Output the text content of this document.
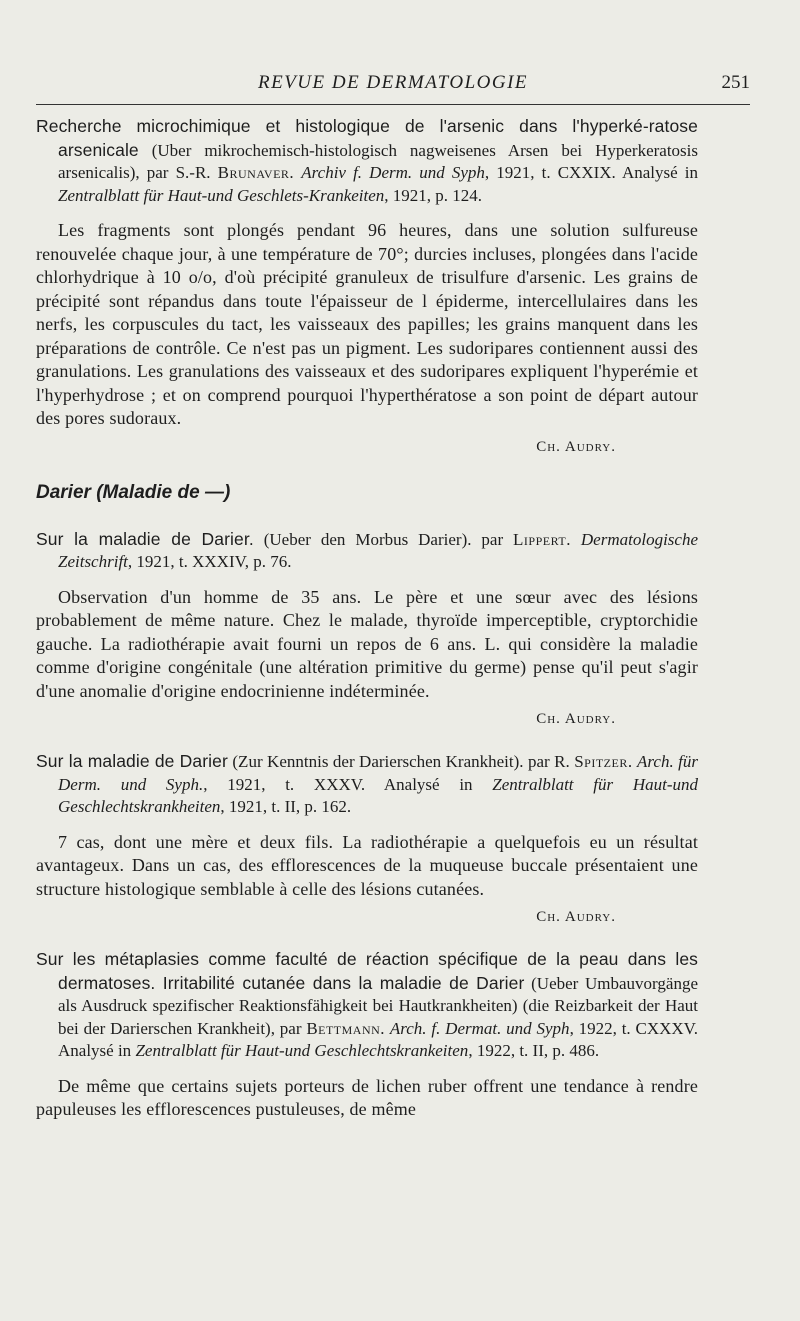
REVUE DE DERMATOLOGIE	251

Recherche microchimique et histologique de l'arsenic dans l'hyperké-ratose arsenicale (Uber mikrochemisch-histologisch nagweisenes Arsen bei Hyperkeratosis arsenicalis), par S.-R. Brunaver. Archiv f. Derm. und Syph, 1921, t. CXXIX. Analysé in Zentralblatt für Haut-und Geschlets-Krankeiten, 1921, p. 124.

Les fragments sont plongés pendant 96 heures, dans une solution sulfureuse renouvelée chaque jour, à une température de 70°; durcies incluses, plongées dans l'acide chlorhydrique à 10 o/o, d'où précipité granuleux de trisulfure d'arsenic. Les grains de précipité sont répandus dans toute l'épaisseur de l épiderme, intercellulaires dans les nerfs, les corpuscules du tact, les vaisseaux des papilles; les grains manquent dans les préparations de contrôle. Ce n'est pas un pigment. Les sudoripares contiennent aussi des granulations. Les granulations des vaisseaux et des sudoripares expliquent l'hyperémie et l'hyperhydrose ; et on comprend pourquoi l'hyperthératose a son point de départ autour des pores sudoraux.

Ch. Audry.
Darier (Maladie de —)

Sur la maladie de Darier. (Ueber den Morbus Darier). par Lippert. Dermatologische Zeitschrift, 1921, t. XXXIV, p. 76.

Observation d'un homme de 35 ans. Le père et une sœur avec des lésions probablement de même nature. Chez le malade, thyroïde imperceptible, cryptorchidie gauche. La radiothérapie avait fourni un repos de 6 ans. L. qui considère la maladie comme d'origine congénitale (une altération primitive du germe) pense qu'il peut s'agir d'une anomalie d'origine endocrinienne indéterminée.

Ch. Audry.

Sur la maladie de Darier (Zur Kenntnis der Darierschen Krankheit). par R. Spitzer. Arch. für Derm. und Syph., 1921, t. XXXV. Analysé in Zentralblatt für Haut-und Geschlechtskrankheiten, 1921, t. II, p. 162.

7 cas, dont une mère et deux fils. La radiothérapie a quelquefois eu un résultat avantageux. Dans un cas, des efflorescences de la muqueuse buccale présentaient une structure histologique semblable à celle des lésions cutanées.

Ch. Audry.

Sur les métaplasies comme faculté de réaction spécifique de la peau dans les dermatoses. Irritabilité cutanée dans la maladie de Darier (Ueber Umbauvorgänge als Ausdruck spezifischer Reaktionsfähigkeit bei Hautkrankheiten) (die Reizbarkeit der Haut bei der Darierschen Krankheit), par Bettmann. Arch. f. Dermat. und Syph, 1922, t. CXXXV. Analysé in Zentralblatt für Haut-und Geschlechtskrankeiten, 1922, t. II, p. 486.

De même que certains sujets porteurs de lichen ruber offrent une tendance à rendre papuleuses les efflorescences pustuleuses, de même
